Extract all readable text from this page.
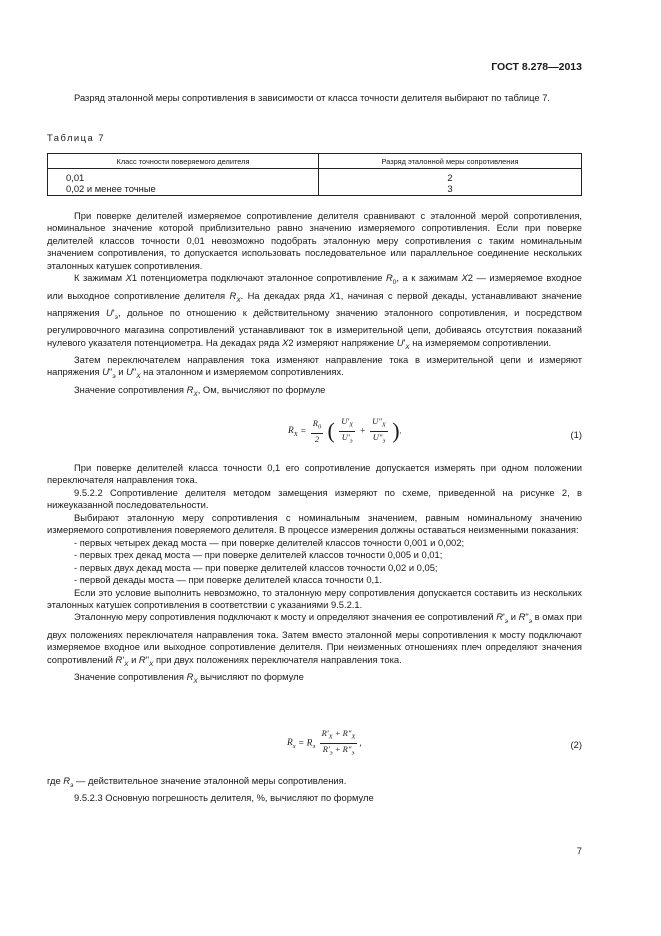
ГОСТ 8.278—2013

Разряд эталонной меры сопротивления в зависимости от класса точности делителя выбирают по таблице 7.

Таблица 7
Класс точности поверяемого делителя	Разряд эталонной меры сопротивления
0,01	2
0,02 и менее точные	3

При поверке делителей измеряемое сопротивление делителя сравнивают с эталонной мерой сопротивления, номинальное значение которой приблизительно равно значению измеряемого сопротивления. Если при поверке делителей классов точности 0,01 невозможно подобрать эталонную меру сопротивления с таким номинальным значением сопротивления, то допускается использовать последовательное или параллельное соединение нескольких эталонных катушек сопротивления.

К зажимам X1 потенциометра подключают эталонное сопротивление $R_0$, а к зажимам X2 — измеряемое входное или выходное сопротивление делителя $R_X$. На декадах ряда X1, начиная с первой декады, устанавливают значение напряжения $U'_э$, дольное по отношению к действительному значению эталонного сопротивления, и посредством регулировочного магазина сопротивлений устанавливают ток в измерительной цепи, добиваясь отсутствия показаний нулевого указателя потенциометра. На декадах ряда X2 измеряют напряжение $U'_X$ на измеряемом сопротивлении.

Затем переключателем направления тока изменяют направление тока в измерительной цепи и измеряют напряжения $U"_э$ и $U"_X$ на эталонном и измеряемом сопротивлениях.

Значение сопротивления $R_X$, Ом, вычисляют по формуле

$R_X = \frac{R_0}{2}$ ( $\frac{U'_X}{U'_э} + \frac{U"_X}{U"_э}$ ).	(1)

При поверке делителей класса точности 0,1 его сопротивление допускается измерять при одном положении переключателя направления тока.

9.5.2.2 Сопротивление делителя методом замещения измеряют по схеме, приведенной на рисунке 2, в нижеуказанной последовательности.

Выбирают эталонную меру сопротивления с номинальным значением, равным номинальному значению измеряемого сопротивления поверяемого делителя. В процессе измерения должны оставаться неизменными показания:

- первых четырех декад моста — при поверке делителей классов точности 0,001 и 0,002;

- первых трех декад моста — при поверке делителей классов точности 0,005 и 0,01;

- первых двух декад моста — при поверке делителей классов точности 0,02 и 0,05;

- первой декады моста — при поверке делителей класса точности 0,1.

Если это условие выполнить невозможно, то эталонную меру сопротивления допускается составить из нескольких эталонных катушек сопротивления в соответствии с указаниями 9.5.2.1.

Эталонную меру сопротивления подключают к мосту и определяют значения ее сопротивлений $R'_э$ и $R"_э$ в омах при двух положениях переключателя направления тока. Затем вместо эталонной меры сопротивления к мосту подключают измеряемое входное или выходное сопротивление делителя. При неизменных отношениях плеч определяют значения сопротивлений $R'_X$ и $R"_X$ при двух положениях переключателя направления тока.

Значение сопротивления $R_X$ вычисляют по формуле

$R_x = R_э \frac{R'_X + R"_X}{R'_э + R"_э}$ ,	(2)

где $R_э$ — действительное значение эталонной меры сопротивления.

9.5.2.3 Основную погрешность делителя, %, вычисляют по формуле

7
